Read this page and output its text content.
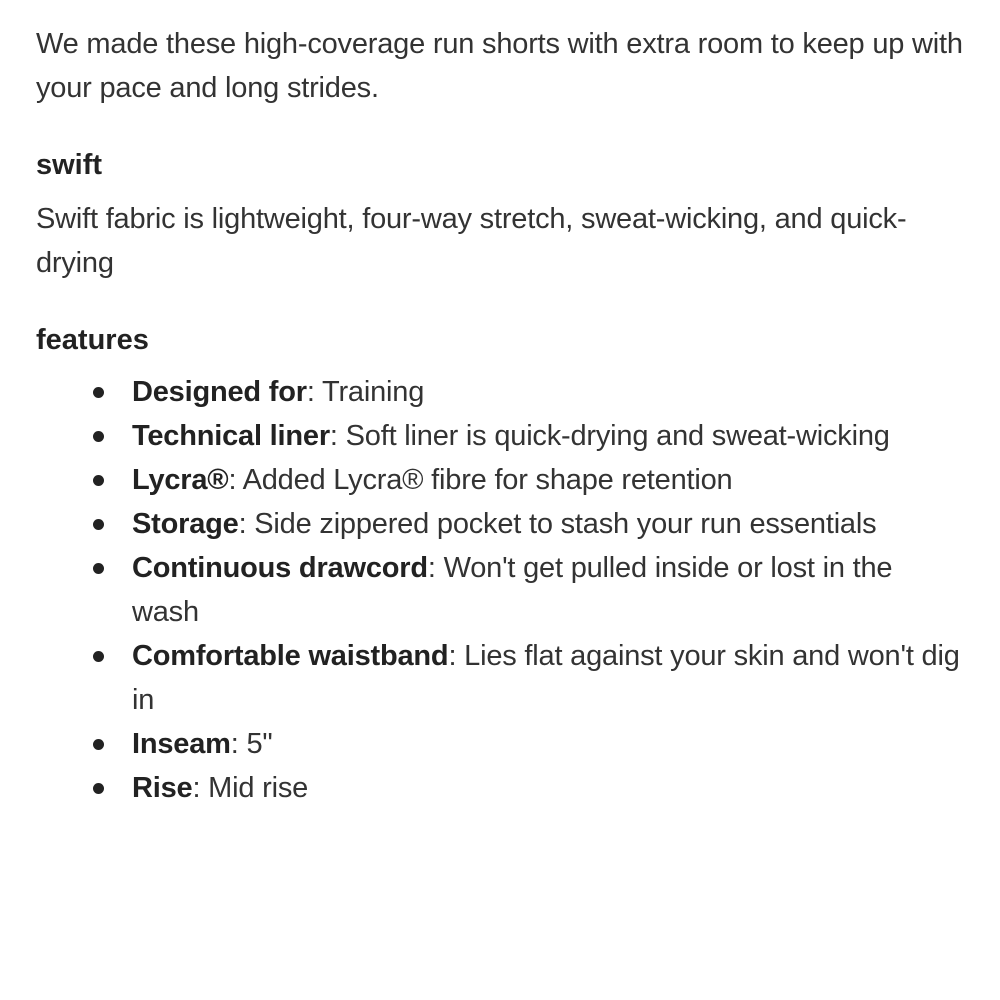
We made these high-coverage run shorts with extra room to keep up with your pace and long strides.

swift

Swift fabric is lightweight, four-way stretch, sweat-wicking, and quick-drying

features
Designed for: Training
Technical liner: Soft liner is quick-drying and sweat-wicking
Lycra®: Added Lycra® fibre for shape retention
Storage: Side zippered pocket to stash your run essentials
Continuous drawcord: Won't get pulled inside or lost in the wash
Comfortable waistband: Lies flat against your skin and won't dig in
Inseam: 5"
Rise: Mid rise
